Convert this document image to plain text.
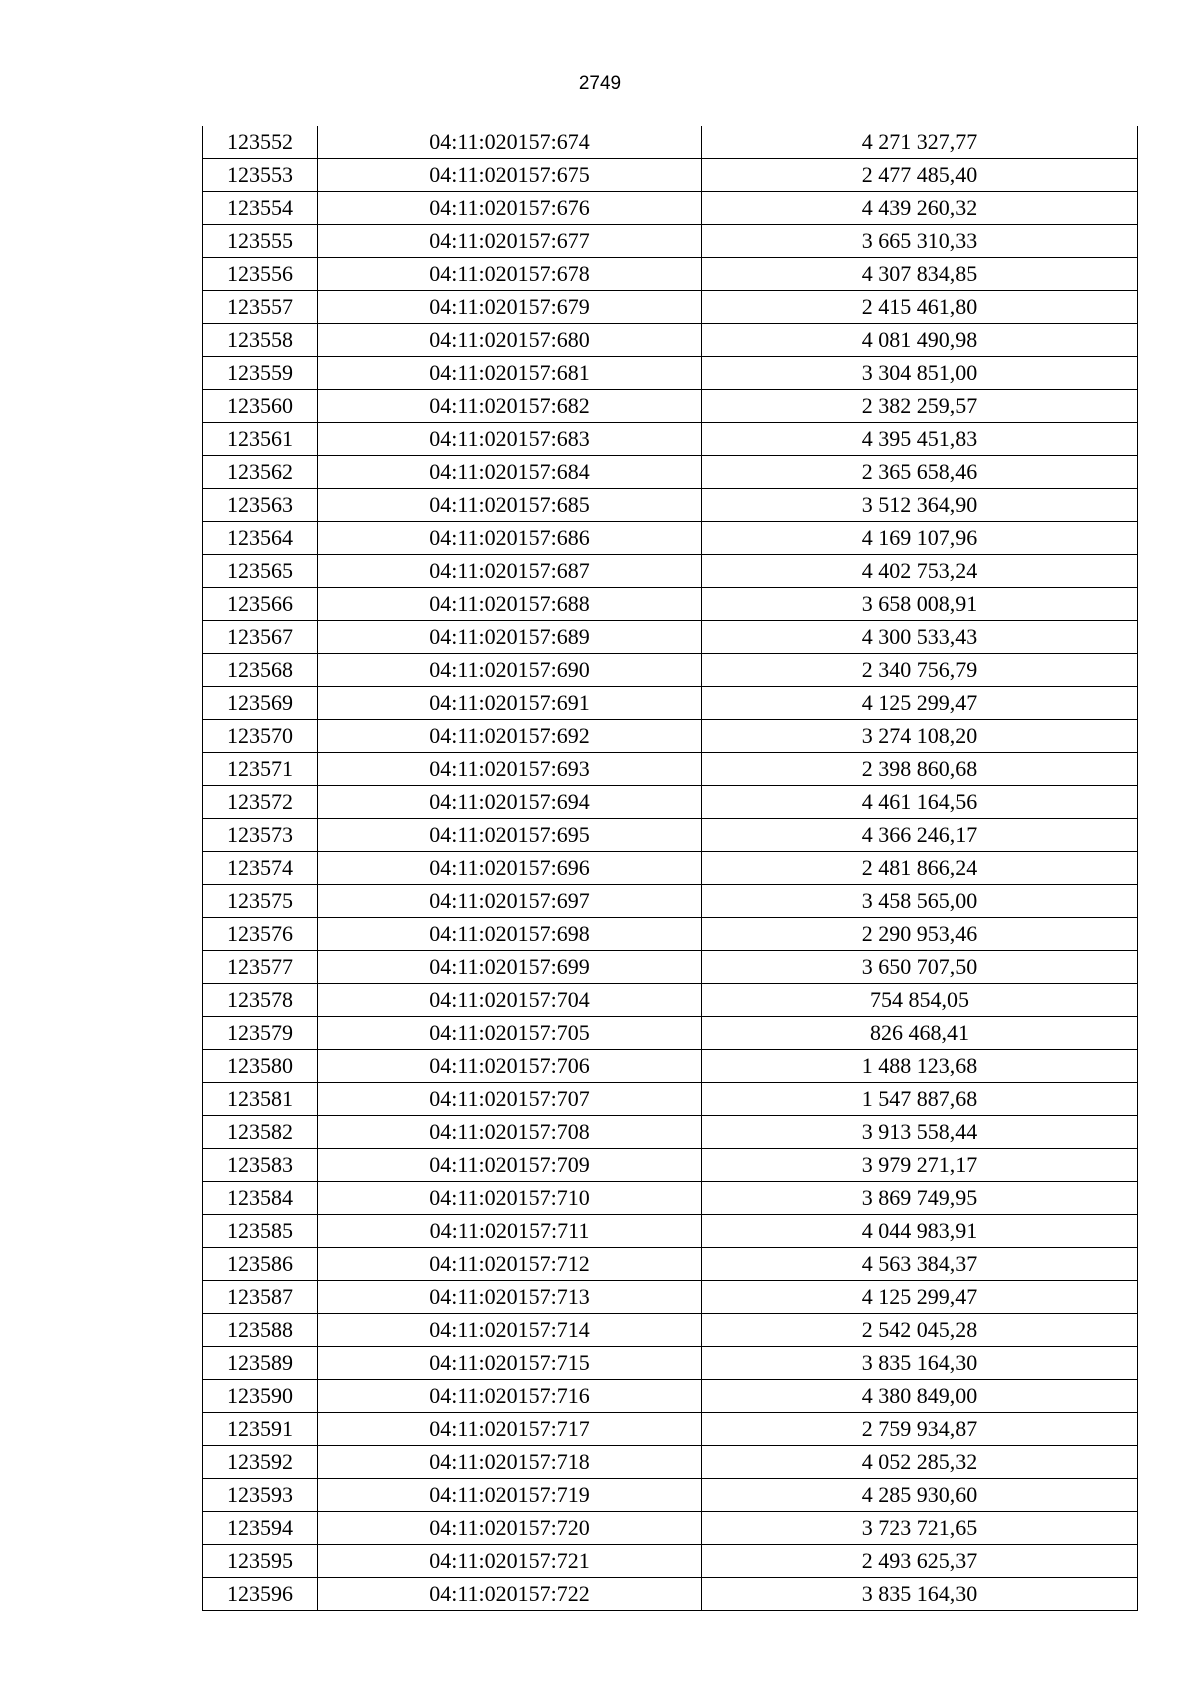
2749
123552	04:11:020157:674	4 271 327,77
123553	04:11:020157:675	2 477 485,40
123554	04:11:020157:676	4 439 260,32
123555	04:11:020157:677	3 665 310,33
123556	04:11:020157:678	4 307 834,85
123557	04:11:020157:679	2 415 461,80
123558	04:11:020157:680	4 081 490,98
123559	04:11:020157:681	3 304 851,00
123560	04:11:020157:682	2 382 259,57
123561	04:11:020157:683	4 395 451,83
123562	04:11:020157:684	2 365 658,46
123563	04:11:020157:685	3 512 364,90
123564	04:11:020157:686	4 169 107,96
123565	04:11:020157:687	4 402 753,24
123566	04:11:020157:688	3 658 008,91
123567	04:11:020157:689	4 300 533,43
123568	04:11:020157:690	2 340 756,79
123569	04:11:020157:691	4 125 299,47
123570	04:11:020157:692	3 274 108,20
123571	04:11:020157:693	2 398 860,68
123572	04:11:020157:694	4 461 164,56
123573	04:11:020157:695	4 366 246,17
123574	04:11:020157:696	2 481 866,24
123575	04:11:020157:697	3 458 565,00
123576	04:11:020157:698	2 290 953,46
123577	04:11:020157:699	3 650 707,50
123578	04:11:020157:704	754 854,05
123579	04:11:020157:705	826 468,41
123580	04:11:020157:706	1 488 123,68
123581	04:11:020157:707	1 547 887,68
123582	04:11:020157:708	3 913 558,44
123583	04:11:020157:709	3 979 271,17
123584	04:11:020157:710	3 869 749,95
123585	04:11:020157:711	4 044 983,91
123586	04:11:020157:712	4 563 384,37
123587	04:11:020157:713	4 125 299,47
123588	04:11:020157:714	2 542 045,28
123589	04:11:020157:715	3 835 164,30
123590	04:11:020157:716	4 380 849,00
123591	04:11:020157:717	2 759 934,87
123592	04:11:020157:718	4 052 285,32
123593	04:11:020157:719	4 285 930,60
123594	04:11:020157:720	3 723 721,65
123595	04:11:020157:721	2 493 625,37
123596	04:11:020157:722	3 835 164,30
